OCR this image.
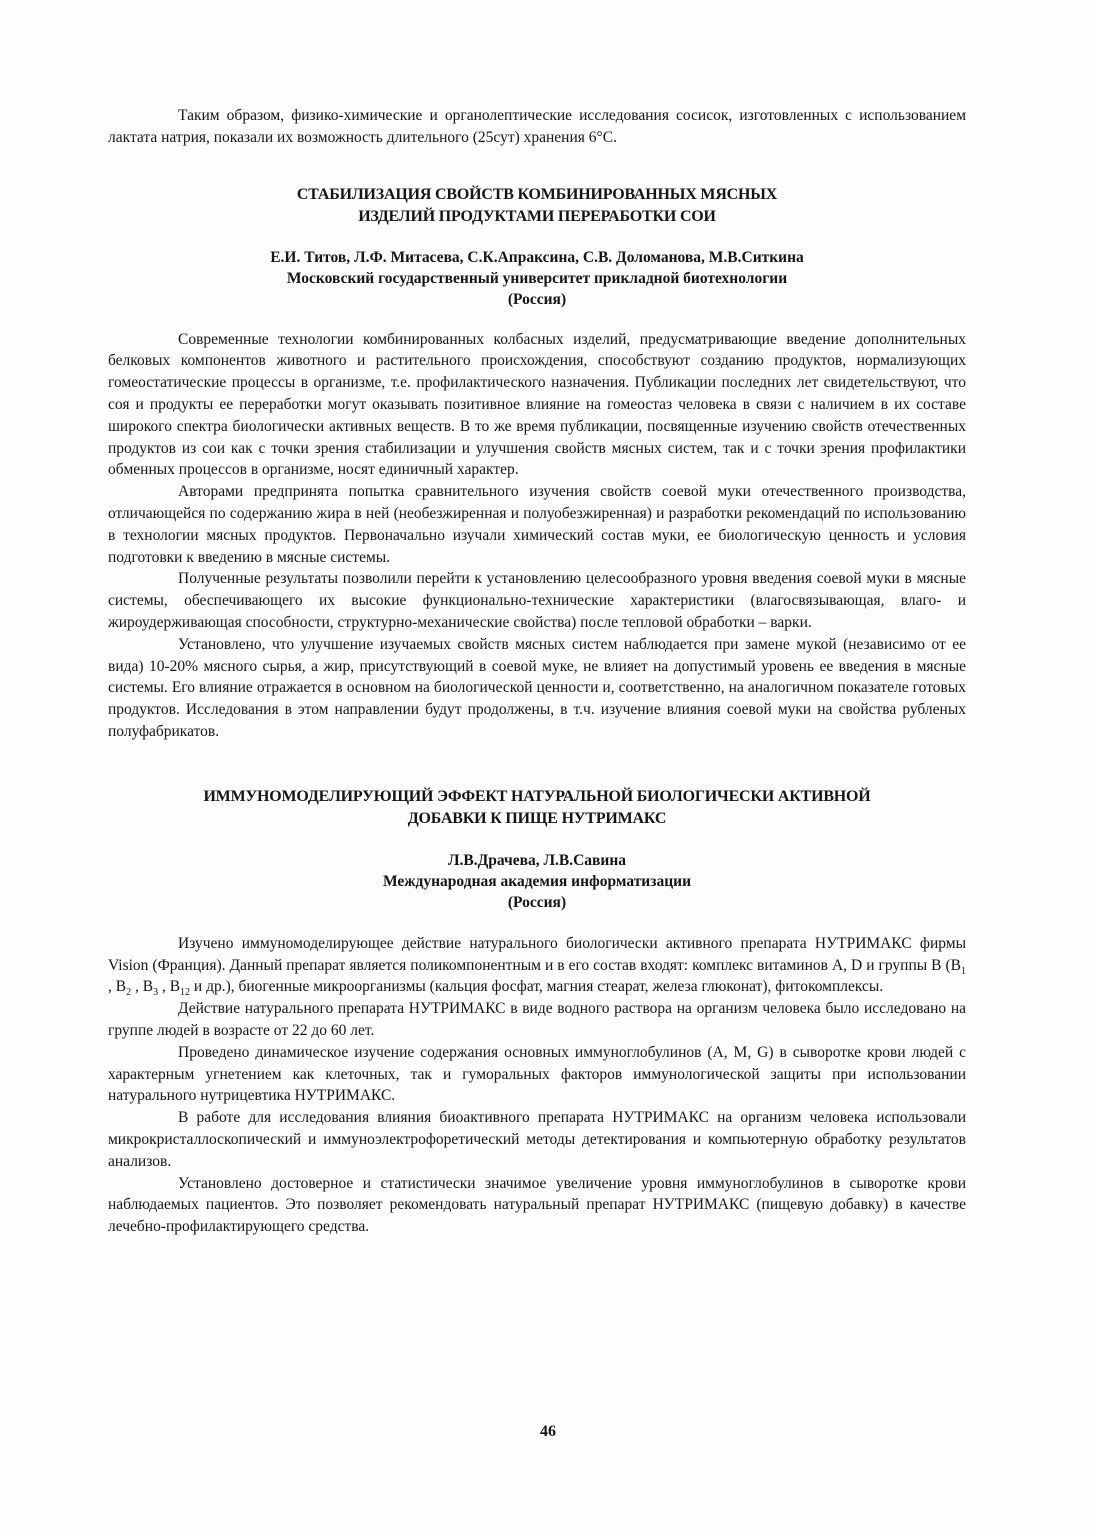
Таким образом, физико-химические и органолептические исследования сосисок, изготовленных с использованием лактата натрия, показали их возможность длительного (25сут) хранения 6°С.

СТАБИЛИЗАЦИЯ СВОЙСТВ КОМБИНИРОВАННЫХ МЯСНЫХ
ИЗДЕЛИЙ ПРОДУКТАМИ ПЕРЕРАБОТКИ СОИ
Е.И. Титов, Л.Ф. Митасева, С.К.Апраксина, С.В. Доломанова, М.В.Ситкина
Московский государственный университет прикладной биотехнологии
(Россия)

Современные технологии комбинированных колбасных изделий, предусматривающие введение дополнительных белковых компонентов животного и растительного происхождения, способствуют созданию продуктов, нормализующих гомеостатические процессы в организме, т.е. профилактического назначения. Публикации последних лет свидетельствуют, что соя и продукты ее переработки могут оказывать позитивное влияние на гомеостаз человека в связи с наличием в их составе широкого спектра биологически активных веществ. В то же время публикации, посвященные изучению свойств отечественных продуктов из сои как с точки зрения стабилизации и улучшения свойств мясных систем, так и с точки зрения профилактики обменных процессов в организме, носят единичный характер.

Авторами предпринята попытка сравнительного изучения свойств соевой муки отечественного производства, отличающейся по содержанию жира в ней (необезжиренная и полуобезжиренная) и разработки рекомендаций по использованию в технологии мясных продуктов. Первоначально изучали химический состав муки, ее биологическую ценность и условия подготовки к введению в мясные системы.

Полученные результаты позволили перейти к установлению целесообразного уровня введения соевой муки в мясные системы, обеспечивающего их высокие функционально-технические характеристики (влагосвязывающая, влаго- и жироудерживающая способности, структурно-механические свойства) после тепловой обработки – варки.

Установлено, что улучшение изучаемых свойств мясных систем наблюдается при замене мукой (независимо от ее вида) 10-20% мясного сырья, а жир, присутствующий в соевой муке, не влияет на допустимый уровень ее введения в мясные системы. Его влияние отражается в основном на биологической ценности и, соответственно, на аналогичном показателе готовых продуктов. Исследования в этом направлении будут продолжены, в т.ч. изучение влияния соевой муки на свойства рубленых полуфабрикатов.

ИММУНОМОДЕЛИРУЮЩИЙ ЭФФЕКТ НАТУРАЛЬНОЙ БИОЛОГИЧЕСКИ АКТИВНОЙ
ДОБАВКИ К ПИЩЕ НУТРИМАКС
Л.В.Драчева, Л.В.Савина
Международная академия информатизации
(Россия)

Изучено иммуномоделирующее действие натурального биологически активного препарата НУТРИМАКС фирмы Vision (Франция). Данный препарат является поликомпонентным и в его состав входят: комплекс витаминов А, D и группы В ($В_1$ , $В_2$ , $В_3$ , $В_{12}$ и др.), биогенные микроорганизмы (кальция фосфат, магния стеарат, железа глюконат), фитокомплексы.

Действие натурального препарата НУТРИМАКС в виде водного раствора на организм человека было исследовано на группе людей в возрасте от 22 до 60 лет.

Проведено динамическое изучение содержания основных иммуноглобулинов (А, М, G) в сыворотке крови людей с характерным угнетением как клеточных, так и гуморальных факторов иммунологической защиты при использовании натурального нутрицевтика НУТРИМАКС.

В работе для исследования влияния биоактивного препарата НУТРИМАКС на организм человека использовали микрокристаллоскопический и иммуноэлектрофоретический методы детектирования и компьютерную обработку результатов анализов.

Установлено достоверное и статистически значимое увеличение уровня иммуноглобулинов в сыворотке крови наблюдаемых пациентов. Это позволяет рекомендовать натуральный препарат НУТРИМАКС (пищевую добавку) в качестве лечебно-профилактирующего средства.

46
